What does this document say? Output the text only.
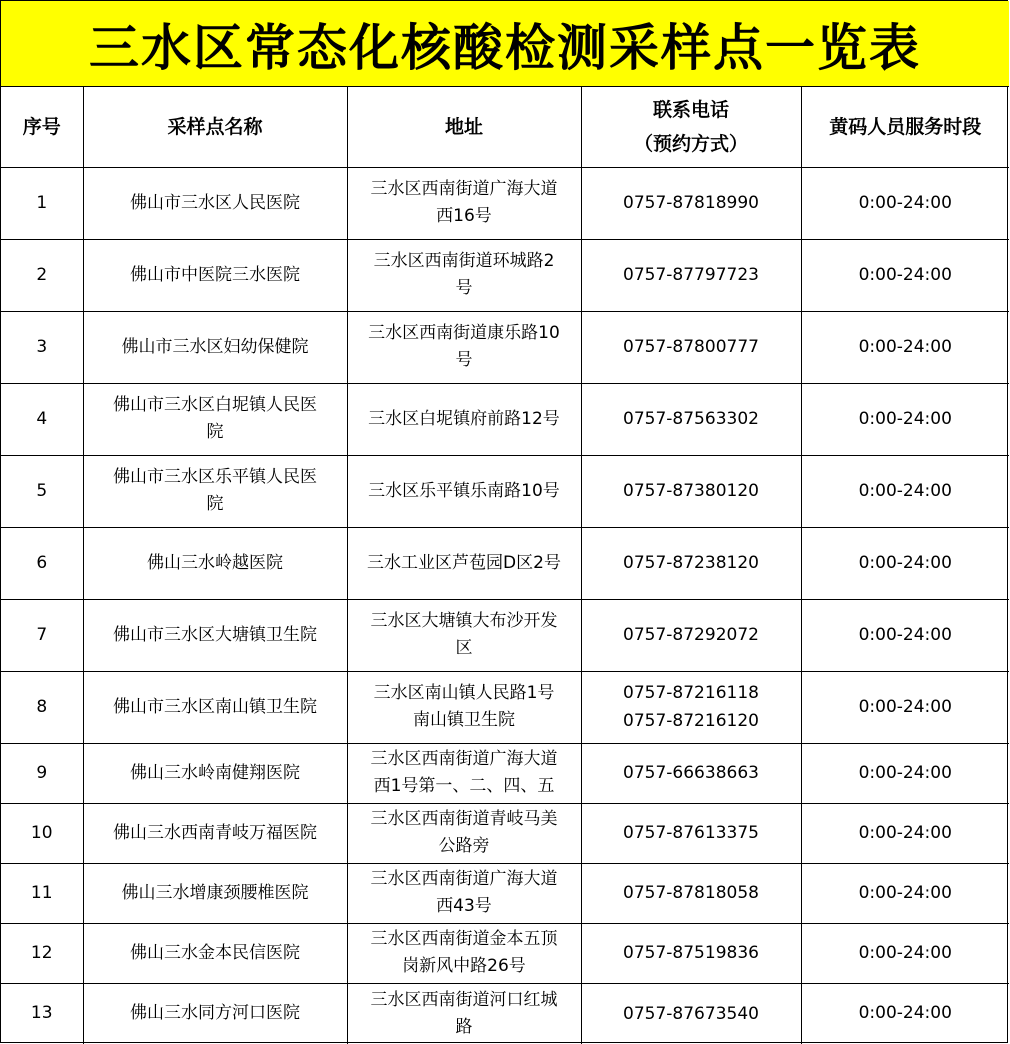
三水区常态化核酸检测采样点一览表
序号	采样点名称	地址	联系电话
（预约方式）	黄码人员服务时段

1	佛山市三水区人民医院	三水区西南街道广海大道
西16号	0757-87818990	0:00-24:00
2	佛山市中医院三水医院	三水区西南街道环城路2
号	0757-87797723	0:00-24:00
3	佛山市三水区妇幼保健院	三水区西南街道康乐路10
号	0757-87800777	0:00-24:00
4	佛山市三水区白坭镇人民医
院	三水区白坭镇府前路12号	0757-87563302	0:00-24:00
5	佛山市三水区乐平镇人民医
院	三水区乐平镇乐南路10号	0757-87380120	0:00-24:00
6	佛山三水岭越医院	三水工业区芦苞园D区2号	0757-87238120	0:00-24:00
7	佛山市三水区大塘镇卫生院	三水区大塘镇大布沙开发
区	0757-87292072	0:00-24:00
8	佛山市三水区南山镇卫生院	三水区南山镇人民路1号
南山镇卫生院	0757-87216118
0757-87216120	0:00-24:00
9	佛山三水岭南健翔医院	三水区西南街道广海大道
西1号第一、二、四、五	0757-66638663	0:00-24:00
10	佛山三水西南青岐万福医院	三水区西南街道青岐马美
公路旁	0757-87613375	0:00-24:00
11	佛山三水增康颈腰椎医院	三水区西南街道广海大道
西43号	0757-87818058	0:00-24:00
12	佛山三水金本民信医院	三水区西南街道金本五顶
岗新风中路26号	0757-87519836	0:00-24:00
13	佛山三水同方河口医院	三水区西南街道河口红城
路	0757-87673540	0:00-24:00
